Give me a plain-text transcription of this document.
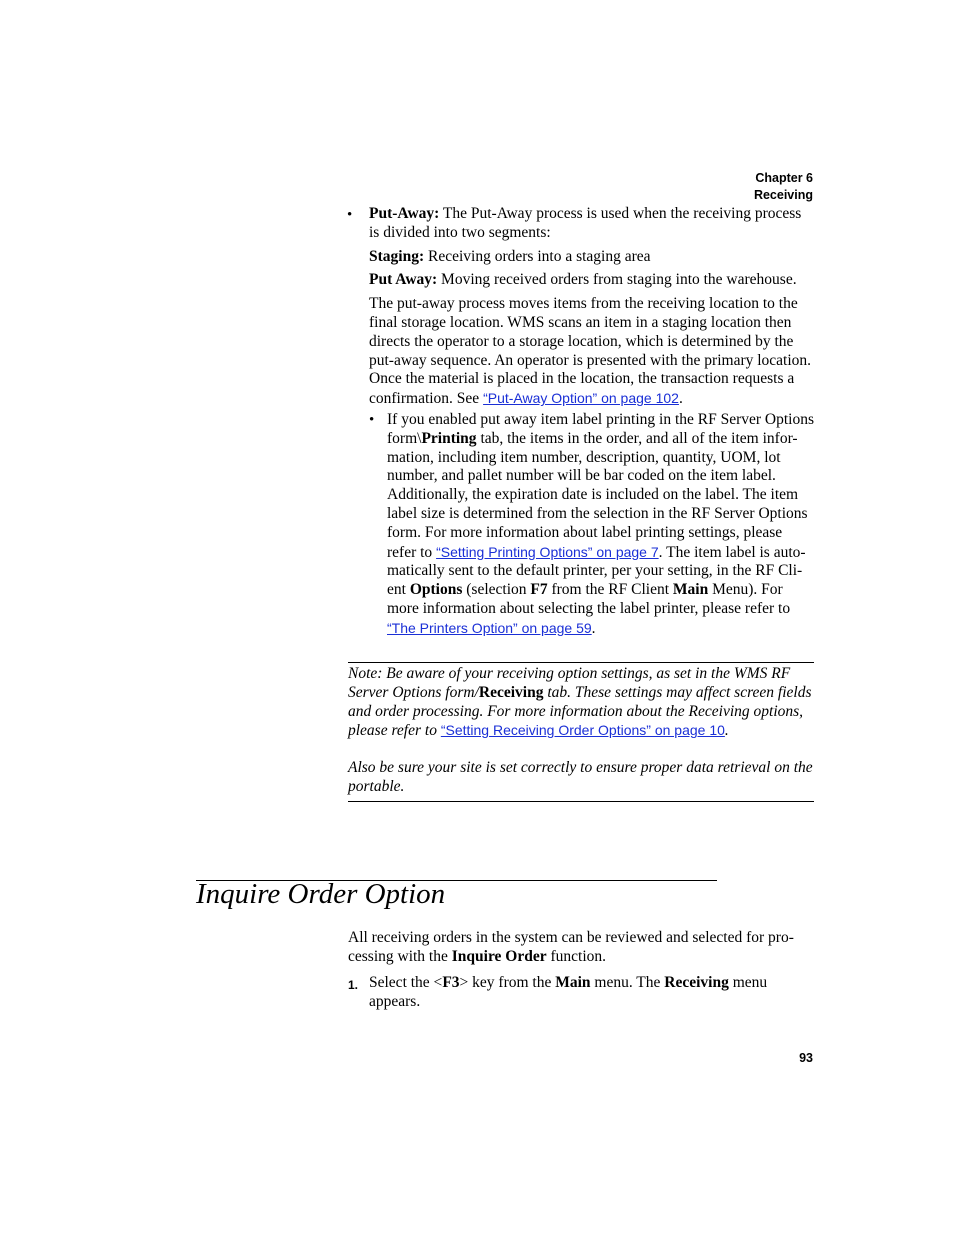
Chapter 6
Receiving
• Put-Away: The Put-Away process is used when the receiving process is divided into two segments:

Staging: Receiving orders into a staging area

Put Away: Moving received orders from staging into the warehouse.

The put-away process moves items from the receiving location to the final storage location. WMS scans an item in a staging location then directs the operator to a storage location, which is determined by the put-away sequence. An operator is presented with the primary location. Once the material is placed in the location, the transaction requests a confirmation. See “Put-Away Option” on page 102.

• If you enabled put away item label printing in the RF Server Options form\Printing tab, the items in the order, and all of the item infor-mation, including item number, description, quantity, UOM, lot number, and pallet number will be bar coded on the item label. Additionally, the expiration date is included on the label. The item label size is determined from the selection in the RF Server Options form. For more information about label printing settings, please refer to “Setting Printing Options” on page 7. The item label is auto-matically sent to the default printer, per your setting, in the RF Cli-ent Options (selection F7 from the RF Client Main Menu). For more information about selecting the label printer, please refer to “The Printers Option” on page 59.

Note: Be aware of your receiving option settings, as set in the WMS RF Server Options form/Receiving tab. These settings may affect screen fields and order processing. For more information about the Receiving options, please refer to “Setting Receiving Order Options” on page 10.

Also be sure your site is set correctly to ensure proper data retrieval on the portable.

Inquire Order Option
All receiving orders in the system can be reviewed and selected for pro-cessing with the Inquire Order function.
1. Select the <F3> key from the Main menu. The Receiving menu appears.
93
